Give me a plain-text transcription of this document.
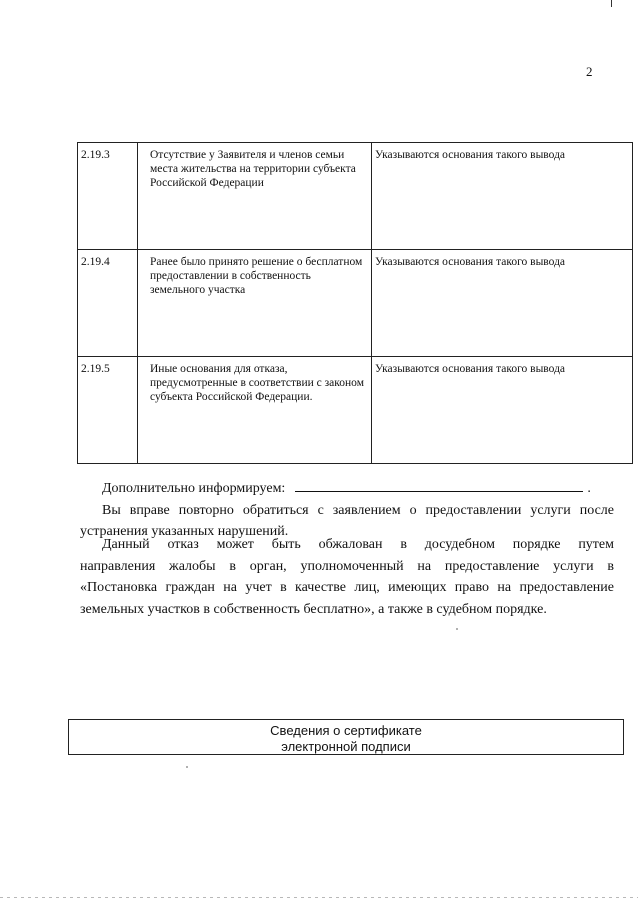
2
2.19.3	Отсутствие у Заявителя и членов семьи места жительства на территории субъекта Российской Федерации	Указываются основания такого вывода
2.19.4	Ранее было принято решение о бесплатном предоставлении в собственность земельного участка	Указываются основания такого вывода
2.19.5	Иные основания для отказа, предусмотренные в соответствии с законом субъекта Российской Федерации.	Указываются основания такого вывода
Дополнительно информируем:	.

Вы вправе повторно обратиться с заявлением о предоставлении услуги после устранения указанных нарушений.

Данный отказ может быть обжалован в досудебном порядке путем

направления жалобы в орган, уполномоченный на предоставление услуги в

«Постановка граждан на учет в качестве лиц, имеющих право на предоставление

земельных участков в собственность бесплатно», а также в судебном порядке.

Сведения о сертификате
электронной подписи
